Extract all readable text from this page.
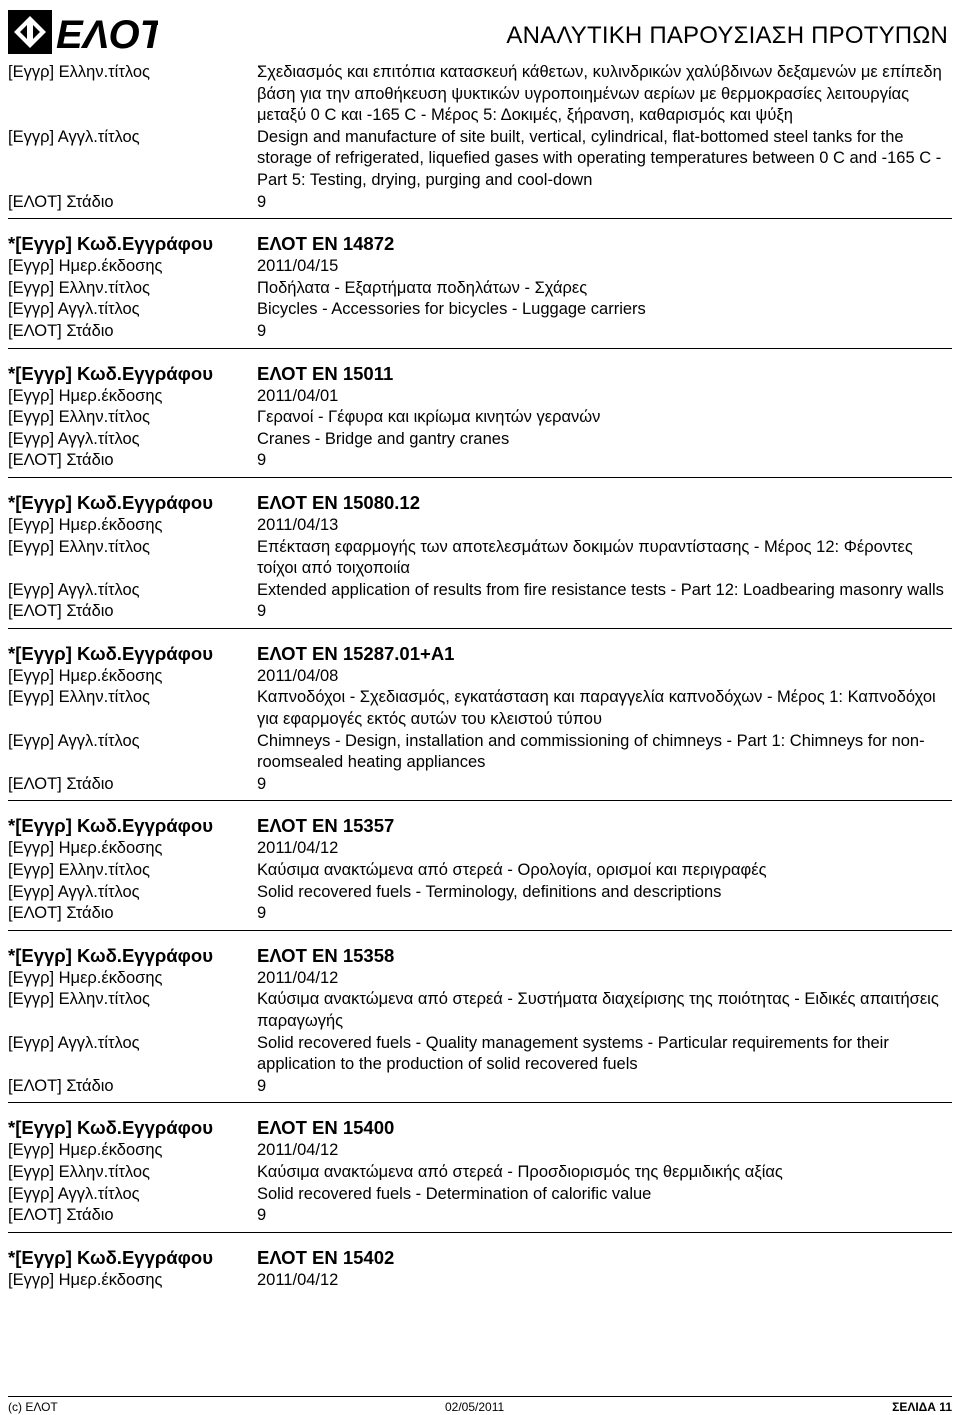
ΕΛΟΤ	ΑΝΑΛΥΤΙΚΗ ΠΑΡΟΥΣΙΑΣΗ ΠΡΟΤΥΠΩΝ
[Εγγρ] Ελλην.τίτλος	Σχεδιασμός και επιτόπια κατασκευή κάθετων, κυλινδρικών χαλύβδινων δεξαμενών με επίπεδη βάση για την αποθήκευση ψυκτικών υγροποιημένων αερίων με θερμοκρασίες λειτουργίας μεταξύ 0 C και -165 C - Μέρος 5: Δοκιμές, ξήρανση, καθαρισμός και ψύξη
[Εγγρ] Αγγλ.τίτλος	Design and manufacture of site built, vertical, cylindrical, flat-bottomed steel tanks for the storage of refrigerated, liquefied gases with operating temperatures between 0 C and -165 C - Part 5: Testing, drying, purging and cool-down
[ΕΛΟΤ] Στάδιο	9
*[Εγγρ] Κωδ.Εγγράφου ΕΛΟΤ EN 14872
[Εγγρ] Ημερ.έκδοσης	2011/04/15
[Εγγρ] Ελλην.τίτλος	Ποδήλατα - Εξαρτήματα ποδηλάτων - Σχάρες
[Εγγρ] Αγγλ.τίτλος	Bicycles - Accessories for bicycles - Luggage carriers
[ΕΛΟΤ] Στάδιο	9
*[Εγγρ] Κωδ.Εγγράφου ΕΛΟΤ EN 15011
[Εγγρ] Ημερ.έκδοσης	2011/04/01
[Εγγρ] Ελλην.τίτλος	Γερανοί - Γέφυρα και ικρίωμα κινητών γερανών
[Εγγρ] Αγγλ.τίτλος	Cranes - Bridge and gantry cranes
[ΕΛΟΤ] Στάδιο	9
*[Εγγρ] Κωδ.Εγγράφου ΕΛΟΤ EN 15080.12
[Εγγρ] Ημερ.έκδοσης	2011/04/13
[Εγγρ] Ελλην.τίτλος	Επέκταση εφαρμογής των αποτελεσμάτων δοκιμών πυραντίστασης - Μέρος 12: Φέροντες τοίχοι από τοιχοποιία
[Εγγρ] Αγγλ.τίτλος	Extended application of results from fire resistance tests - Part 12: Loadbearing masonry walls
[ΕΛΟΤ] Στάδιο	9
*[Εγγρ] Κωδ.Εγγράφου ΕΛΟΤ EN 15287.01+A1
[Εγγρ] Ημερ.έκδοσης	2011/04/08
[Εγγρ] Ελλην.τίτλος	Καπνοδόχοι - Σχεδιασμός, εγκατάσταση και παραγγελία καπνοδόχων - Μέρος 1: Καπνοδόχοι για εφαρμογές εκτός αυτών του κλειστού τύπου
[Εγγρ] Αγγλ.τίτλος	Chimneys - Design, installation and commissioning of chimneys - Part 1: Chimneys for non-roomsealed heating appliances
[ΕΛΟΤ] Στάδιο	9
*[Εγγρ] Κωδ.Εγγράφου ΕΛΟΤ EN 15357
[Εγγρ] Ημερ.έκδοσης	2011/04/12
[Εγγρ] Ελλην.τίτλος	Καύσιμα ανακτώμενα από στερεά - Ορολογία, ορισμοί και περιγραφές
[Εγγρ] Αγγλ.τίτλος	Solid recovered fuels - Terminology, definitions and descriptions
[ΕΛΟΤ] Στάδιο	9
*[Εγγρ] Κωδ.Εγγράφου ΕΛΟΤ EN 15358
[Εγγρ] Ημερ.έκδοσης	2011/04/12
[Εγγρ] Ελλην.τίτλος	Καύσιμα ανακτώμενα από στερεά - Συστήματα διαχείρισης της ποιότητας - Ειδικές απαιτήσεις παραγωγής
[Εγγρ] Αγγλ.τίτλος	Solid recovered fuels - Quality management systems - Particular requirements for their application to the production of solid recovered fuels
[ΕΛΟΤ] Στάδιο	9
*[Εγγρ] Κωδ.Εγγράφου ΕΛΟΤ EN 15400
[Εγγρ] Ημερ.έκδοσης	2011/04/12
[Εγγρ] Ελλην.τίτλος	Καύσιμα ανακτώμενα από στερεά - Προσδιορισμός της θερμιδικής αξίας
[Εγγρ] Αγγλ.τίτλος	Solid recovered fuels - Determination of calorific value
[ΕΛΟΤ] Στάδιο	9
*[Εγγρ] Κωδ.Εγγράφου ΕΛΟΤ EN 15402
[Εγγρ] Ημερ.έκδοσης	2011/04/12
(c) ΕΛΟΤ	02/05/2011	ΣΕΛΙΔΑ 11
